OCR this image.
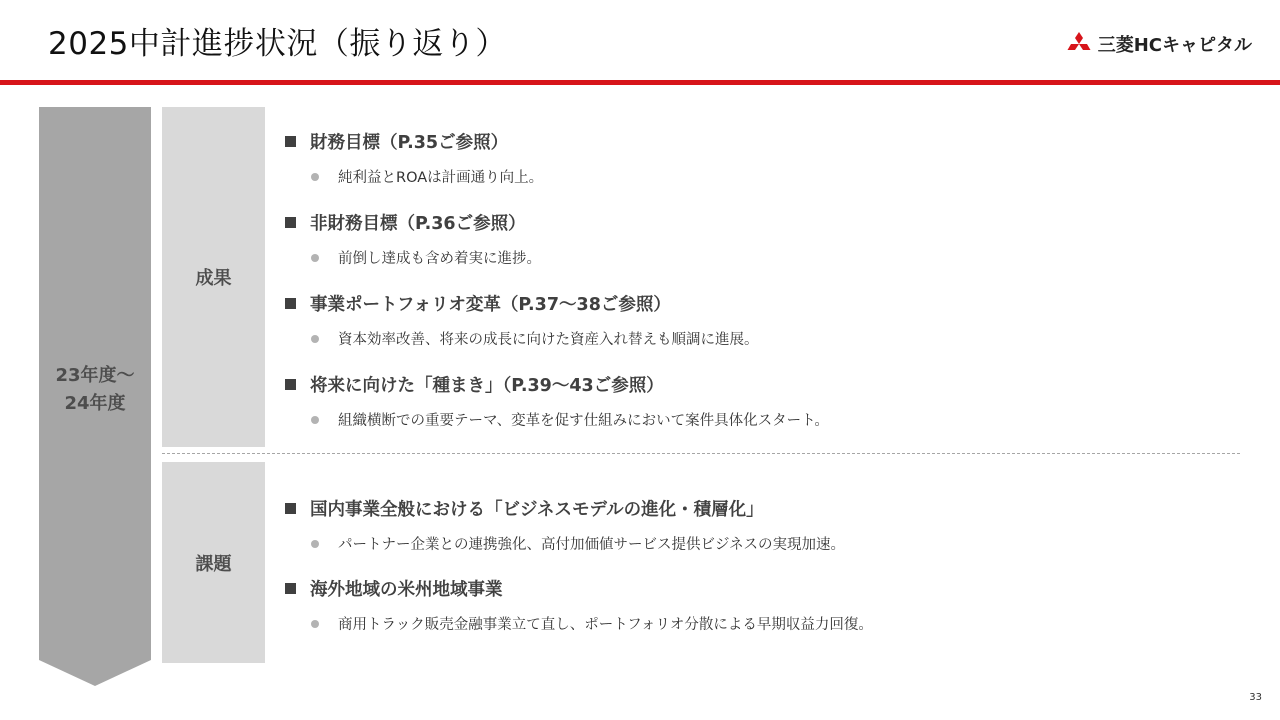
2025中計進捗状況（振り返り）	三菱HCキャピタル
23年度～
24年度
成果
課題
財務目標（P.35ご参照）
純利益とROAは計画通り向上。
非財務目標（P.36ご参照）
前倒し達成も含め着実に進捗。
事業ポートフォリオ変革（P.37～38ご参照）
資本効率改善、将来の成長に向けた資産入れ替えも順調に進展。
将来に向けた「種まき」（P.39～43ご参照）
組織横断での重要テーマ、変革を促す仕組みにおいて案件具体化スタート。
国内事業全般における「ビジネスモデルの進化・積層化」
パートナー企業との連携強化、高付加価値サービス提供ビジネスの実現加速。
海外地域の米州地域事業
商用トラック販売金融事業立て直し、ポートフォリオ分散による早期収益力回復。
33
